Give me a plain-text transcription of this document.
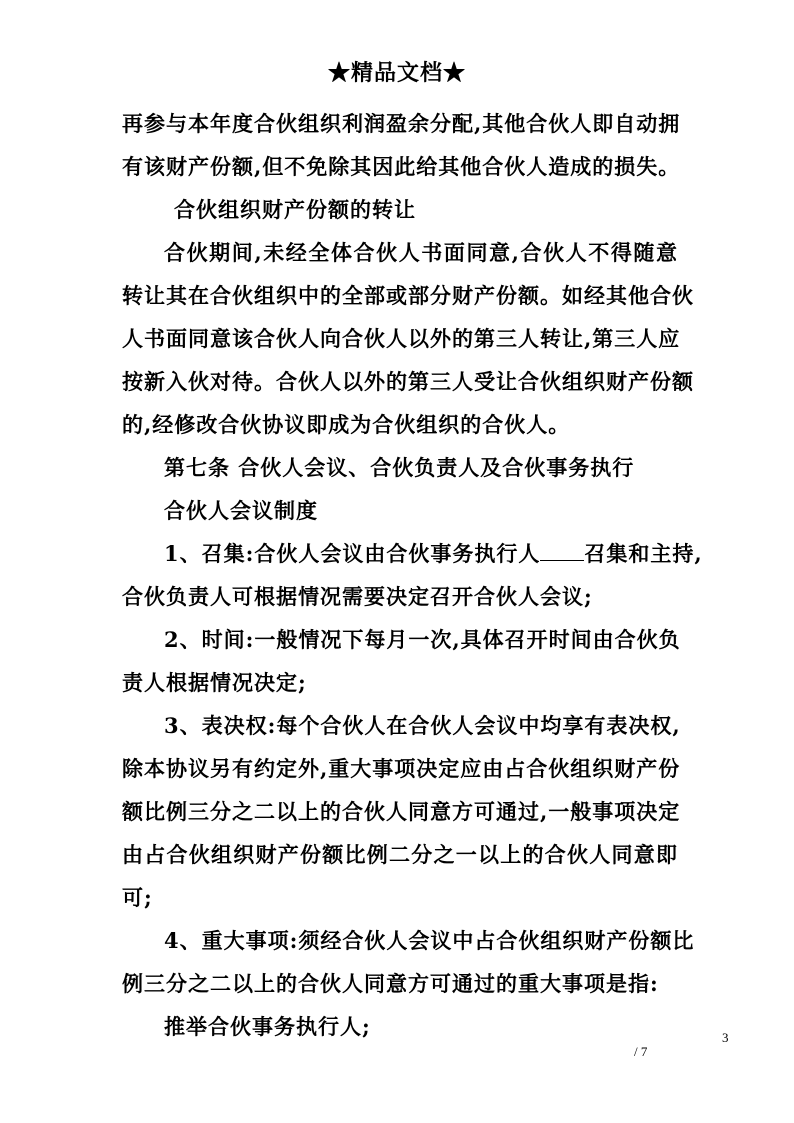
★精品文档★
再参与本年度合伙组织利润盈余分配,其他合伙人即自动拥
有该财产份额,但不免除其因此给其他合伙人造成的损失。
合伙组织财产份额的转让
合伙期间,未经全体合伙人书面同意,合伙人不得随意
转让其在合伙组织中的全部或部分财产份额。如经其他合伙
人书面同意该合伙人向合伙人以外的第三人转让,第三人应
按新入伙对待。合伙人以外的第三人受让合伙组织财产份额
的,经修改合伙协议即成为合伙组织的合伙人。
第七条 合伙人会议、合伙负责人及合伙事务执行
合伙人会议制度
1、召集:合伙人会议由合伙事务执行人 召集和主持,
合伙负责人可根据情况需要决定召开合伙人会议;
2、时间:一般情况下每月一次,具体召开时间由合伙负
责人根据情况决定;
3、表决权:每个合伙人在合伙人会议中均享有表决权,
除本协议另有约定外,重大事项决定应由占合伙组织财产份
额比例三分之二以上的合伙人同意方可通过,一般事项决定
由占合伙组织财产份额比例二分之一以上的合伙人同意即
可;
4、重大事项:须经合伙人会议中占合伙组织财产份额比
例三分之二以上的合伙人同意方可通过的重大事项是指:
推举合伙事务执行人;	3
/ 7
